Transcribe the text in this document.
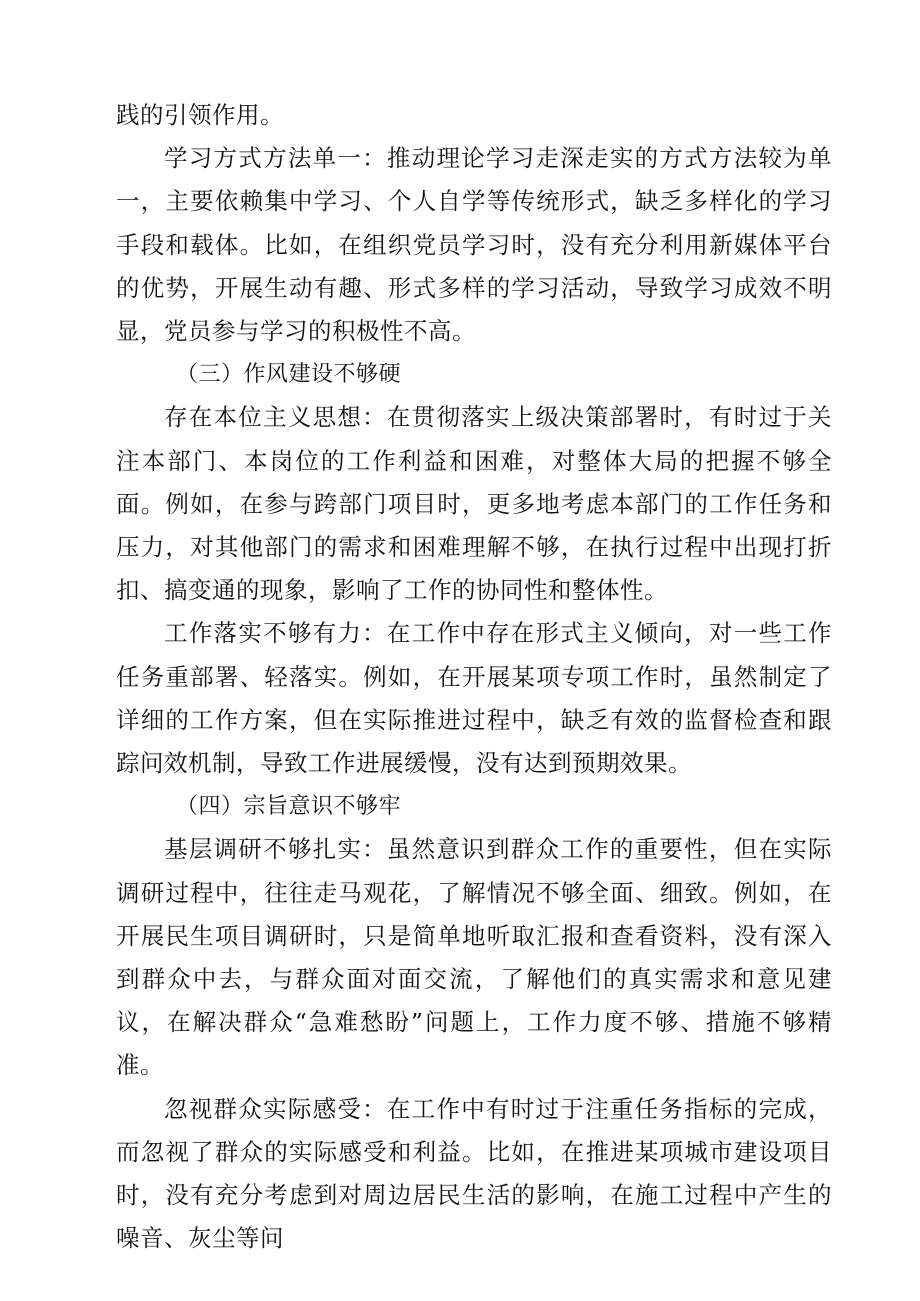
践的引领作用。

学习方式方法单一：推动理论学习走深走实的方式方法较为单一，主要依赖集中学习、个人自学等传统形式，缺乏多样化的学习手段和载体。比如，在组织党员学习时，没有充分利用新媒体平台的优势，开展生动有趣、形式多样的学习活动，导致学习成效不明显，党员参与学习的积极性不高。

（三）作风建设不够硬

存在本位主义思想：在贯彻落实上级决策部署时，有时过于关注本部门、本岗位的工作利益和困难，对整体大局的把握不够全面。例如，在参与跨部门项目时，更多地考虑本部门的工作任务和压力，对其他部门的需求和困难理解不够，在执行过程中出现打折扣、搞变通的现象，影响了工作的协同性和整体性。

工作落实不够有力：在工作中存在形式主义倾向，对一些工作任务重部署、轻落实。例如，在开展某项专项工作时，虽然制定了详细的工作方案，但在实际推进过程中，缺乏有效的监督检查和跟踪问效机制，导致工作进展缓慢，没有达到预期效果。

（四）宗旨意识不够牢

基层调研不够扎实：虽然意识到群众工作的重要性，但在实际调研过程中，往往走马观花，了解情况不够全面、细致。例如，在开展民生项目调研时，只是简单地听取汇报和查看资料，没有深入到群众中去，与群众面对面交流，了解他们的真实需求和意见建议，在解决群众“急难愁盼”问题上，工作力度不够、措施不够精准。

忽视群众实际感受：在工作中有时过于注重任务指标的完成，而忽视了群众的实际感受和利益。比如，在推进某项城市建设项目时，没有充分考虑到对周边居民生活的影响，在施工过程中产生的噪音、灰尘等问
